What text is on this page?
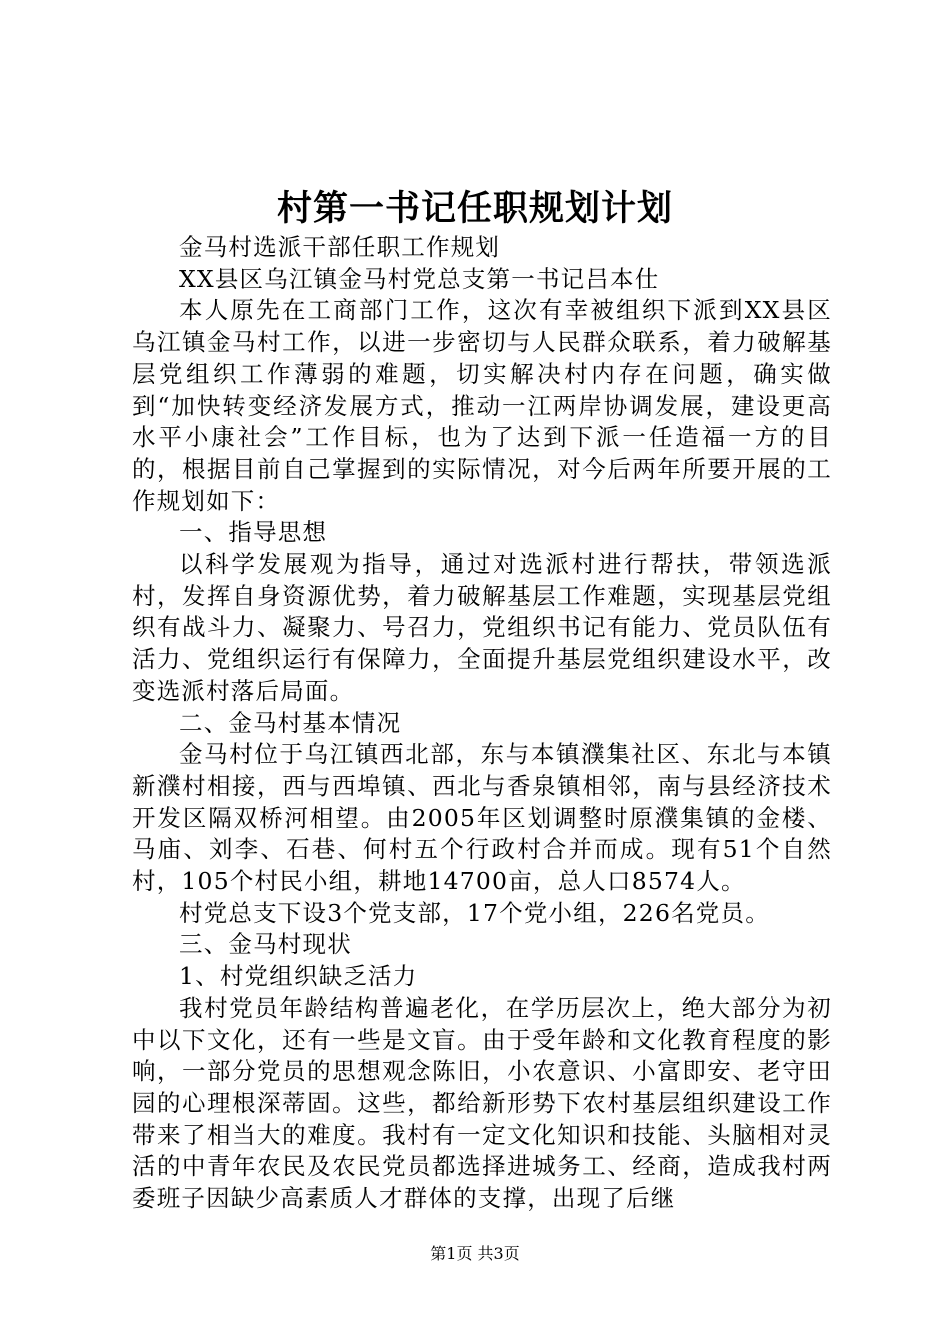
村第一书记任职规划计划

金马村选派干部任职工作规划

XX县区乌江镇金马村党总支第一书记吕本仕

本人原先在工商部门工作，这次有幸被组织下派到XX县区乌江镇金马村工作，以进一步密切与人民群众联系，着力破解基层党组织工作薄弱的难题，切实解决村内存在问题，确实做到“加快转变经济发展方式，推动一江两岸协调发展，建设更高水平小康社会”工作目标，也为了达到下派一任造福一方的目的，根据目前自己掌握到的实际情况，对今后两年所要开展的工作规划如下：

一、指导思想

以科学发展观为指导，通过对选派村进行帮扶，带领选派村，发挥自身资源优势，着力破解基层工作难题，实现基层党组织有战斗力、凝聚力、号召力，党组织书记有能力、党员队伍有活力、党组织运行有保障力，全面提升基层党组织建设水平，改变选派村落后局面。

二、金马村基本情况

金马村位于乌江镇西北部，东与本镇濮集社区、东北与本镇新濮村相接，西与西埠镇、西北与香泉镇相邻，南与县经济技术开发区隔双桥河相望。由2005年区划调整时原濮集镇的金楼、马庙、刘李、石巷、何村五个行政村合并而成。现有51个自然村，105个村民小组，耕地14700亩，总人口8574人。

村党总支下设3个党支部，17个党小组，226名党员。

三、金马村现状

1、村党组织缺乏活力

我村党员年龄结构普遍老化，在学历层次上，绝大部分为初中以下文化，还有一些是文盲。由于受年龄和文化教育程度的影响，一部分党员的思想观念陈旧，小农意识、小富即安、老守田园的心理根深蒂固。这些，都给新形势下农村基层组织建设工作带来了相当大的难度。我村有一定文化知识和技能、头脑相对灵活的中青年农民及农民党员都选择进城务工、经商，造成我村两委班子因缺少高素质人才群体的支撑，出现了后继

第1页 共3页
